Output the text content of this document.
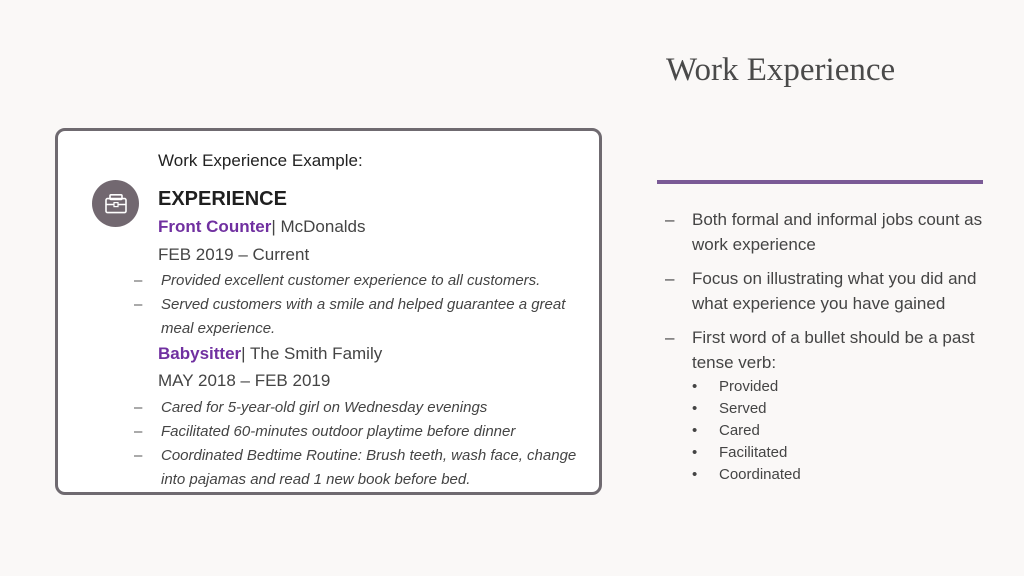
Work Experience
Work Experience Example:
EXPERIENCE
Front Counter| McDonalds
FEB 2019 – Current
– Provided excellent customer experience to all customers.
– Served customers with a smile and helped guarantee a great meal experience.
Babysitter| The Smith Family
MAY 2018 – FEB 2019
– Cared for 5-year-old girl on Wednesday evenings
– Facilitated 60-minutes outdoor playtime before dinner
– Coordinated Bedtime Routine: Brush teeth, wash face, change into pajamas and read 1 new book before bed.
– Both formal and informal jobs count as work experience
– Focus on illustrating what you did and what experience you have gained
– First word of a bullet should be a past tense verb:
• Provided
• Served
• Cared
• Facilitated
• Coordinated
